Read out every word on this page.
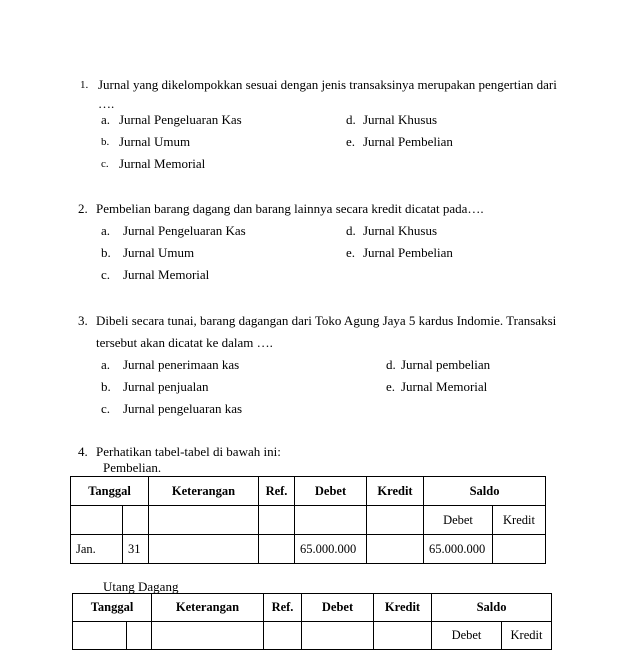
1. Jurnal yang dikelompokkan sesuai dengan jenis transaksinya merupakan pengertian dari
….
a. Jurnal Pengeluaran Kas
b. Jurnal Umum
c. Jurnal Memorial
d. Jurnal Khusus
e. Jurnal Pembelian
2. Pembelian barang dagang dan barang lainnya secara kredit dicatat pada….
a. Jurnal Pengeluaran Kas
b. Jurnal Umum
c. Jurnal Memorial
d. Jurnal Khusus
e. Jurnal Pembelian
3. Dibeli secara tunai, barang dagangan dari Toko Agung Jaya 5 kardus Indomie. Transaksi
tersebut akan dicatat ke dalam ….
a. Jurnal penerimaan kas
b. Jurnal penjualan
c. Jurnal pengeluaran kas
d. Jurnal pembelian
e. Jurnal Memorial
4. Perhatikan tabel-tabel di bawah ini:
Pembelian.
Tanggal		Keterangan	Ref.	Debet	Kredit	Saldo	
						Debet	Kredit
Jan.	31			65.000.000		65.000.000	
Utang Dagang
Tanggal		Keterangan	Ref.	Debet	Kredit	Saldo	
						Debet	Kredit
